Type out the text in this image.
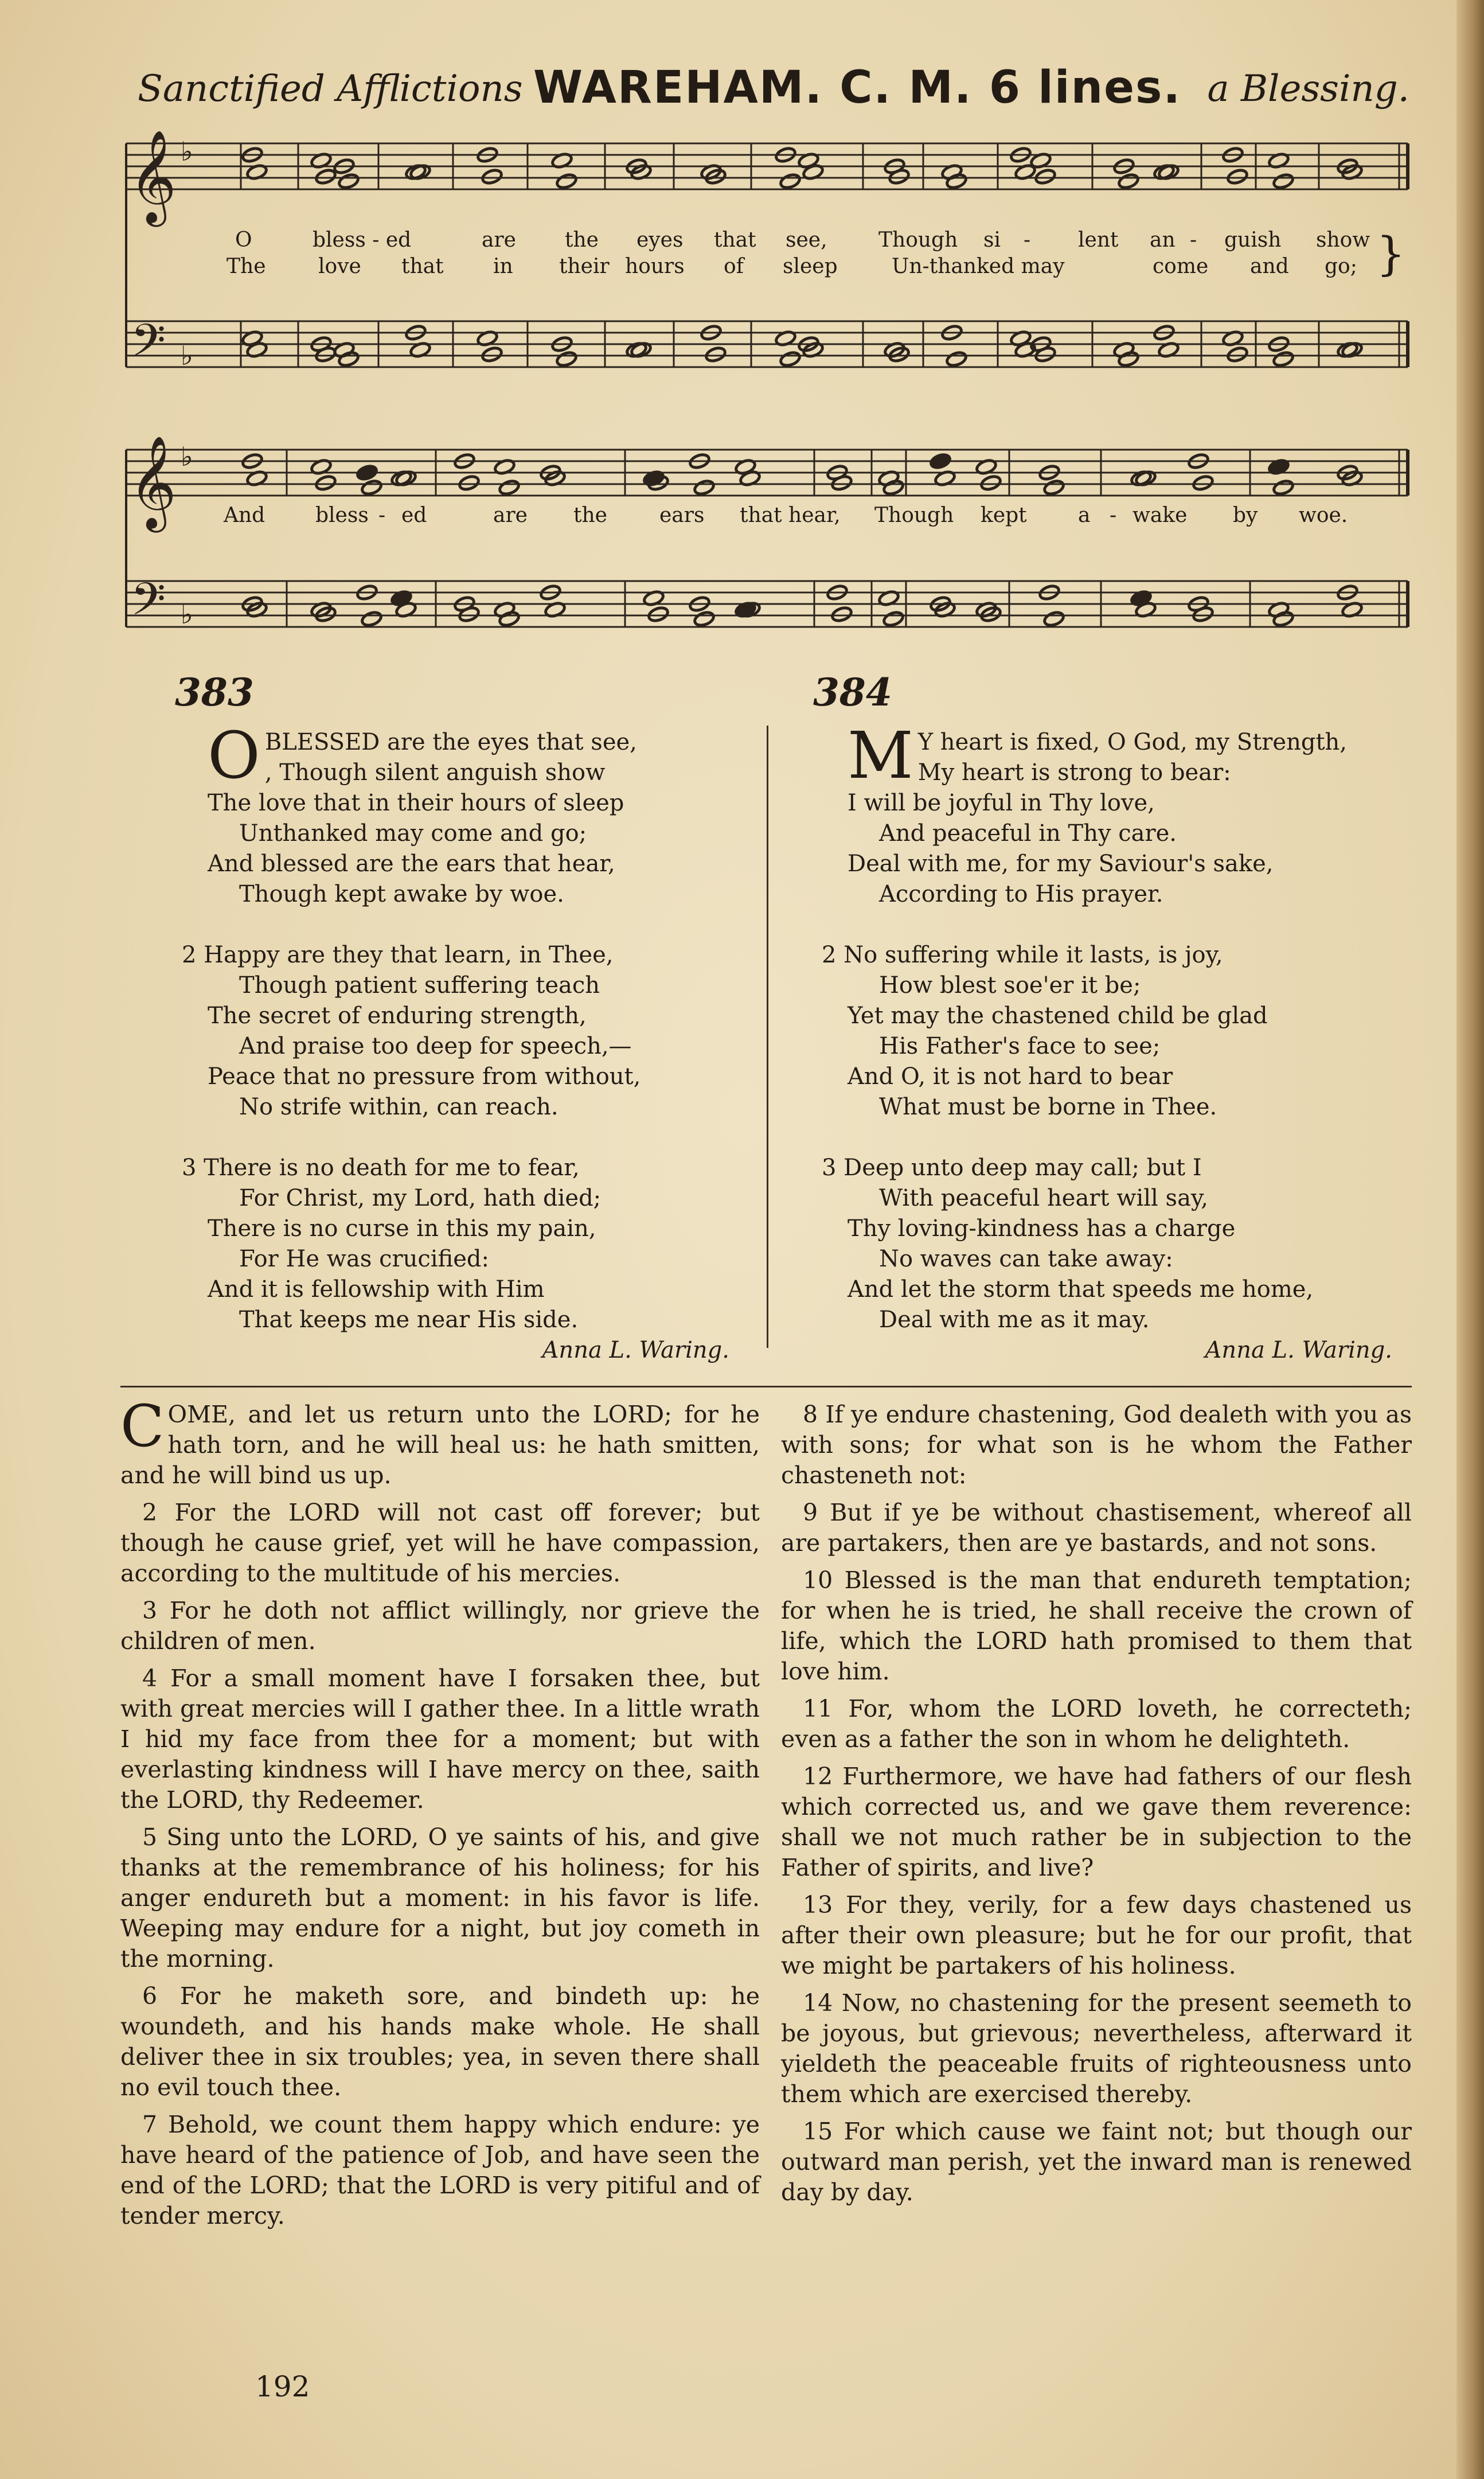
Sanctified Afflictions WAREHAM. C. M. 6 lines. a Blessing.
𝄞
𝄢
𝄞
𝄢
♭
♭
♭
♭
O	bless - ed	are the eyes that see, Though si - lent an - guish show
The	love that in their hours of sleep	Un-thanked may	come and go; }
And bless - ed	are the	ears that hear, Though kept a - wake by woe.
383
OBLESSED are the eyes that see,
, Though silent anguish show
The love that in their hours of sleep
Unthanked may come and go;
And blessed are the ears that hear,
Though kept awake by woe.
2 Happy are they that learn, in Thee,
Though patient suffering teach
The secret of enduring strength,
And praise too deep for speech,—
Peace that no pressure from without,
No strife within, can reach.
3 There is no death for me to fear,
For Christ, my Lord, hath died;
There is no curse in this my pain,
For He was crucified:
And it is fellowship with Him
That keeps me near His side.
Anna L. Waring.
384
M Y heart is fixed, O God, my Strength,
My heart is strong to bear:
I will be joyful in Thy love,
And peaceful in Thy care.
Deal with me, for my Saviour's sake,
According to His prayer.
2 No suffering while it lasts, is joy,
How blest soe'er it be;
Yet may the chastened child be glad
His Father's face to see;
And O, it is not hard to bear
What must be borne in Thee.
3 Deep unto deep may call; but I
With peaceful heart will say,
Thy loving-kindness has a charge
No waves can take away:
And let the storm that speeds me home,
Deal with me as it may.
Anna L. Waring.

COME, and let us return unto the LORD; for he hath torn, and he will heal us: he hath smitten, and he will bind us up.

2 For the LORD will not cast off forever; but though he cause grief, yet will he have compassion, according to the multitude of his mercies.

3 For he doth not afflict willingly, nor grieve the children of men.

4 For a small moment have I forsaken thee, but with great mercies will I gather thee. In a little wrath I hid my face from thee for a moment; but with everlasting kindness will I have mercy on thee, saith the LORD, thy Redeemer.

5 Sing unto the LORD, O ye saints of his, and give thanks at the remembrance of his holiness; for his anger endureth but a moment: in his favor is life. Weeping may endure for a night, but joy cometh in the morning.

6 For he maketh sore, and bindeth up: he woundeth, and his hands make whole. He shall deliver thee in six troubles; yea, in seven there shall no evil touch thee.

7 Behold, we count them happy which endure: ye have heard of the patience of Job, and have seen the end of the LORD; that the LORD is very pitiful and of tender mercy.

8 If ye endure chastening, God dealeth with you as with sons; for what son is he whom the Father chasteneth not:

9 But if ye be without chastisement, whereof all are partakers, then are ye bastards, and not sons.

10 Blessed is the man that endureth temptation; for when he is tried, he shall receive the crown of life, which the LORD hath promised to them that love him.

11 For, whom the LORD loveth, he correcteth; even as a father the son in whom he delighteth.

12 Furthermore, we have had fathers of our flesh which corrected us, and we gave them reverence: shall we not much rather be in subjection to the Father of spirits, and live?

13 For they, verily, for a few days chastened us after their own pleasure; but he for our profit, that we might be partakers of his holiness.

14 Now, no chastening for the present seemeth to be joyous, but grievous; nevertheless, afterward it yieldeth the peaceable fruits of righteousness unto them which are exercised thereby.

15 For which cause we faint not; but though our outward man perish, yet the inward man is renewed day by day.

192
